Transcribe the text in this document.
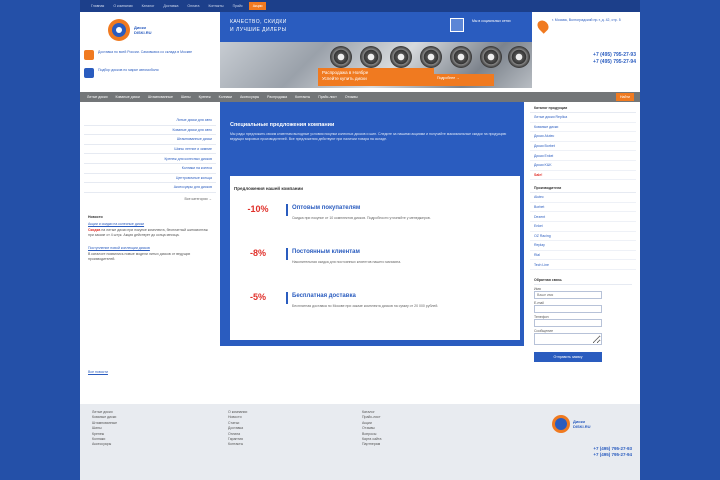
Главная	О компании	Каталог	Доставка	Оплата	Контакты	Прайс	Акции
Диски
DISKI.RU
Доставка по всей России. Самовывоз со склада в Москве
Подбор дисков по марке автомобиля
КАЧЕСТВО, СКИДКИ
И ЛУЧШИЕ ДИЛЕРЫ
Мы в социальных сетях
Распродажа в Ноябре
Успейте купить диски	Подробнее →
г. Москва, Волгоградский пр-т, д. 42, стр. 5
+7 (495) 795-27-93
+7 (495) 795-27-94
Литые диски	Кованые диски	Штампованные	Шины	Крепеж	Колпаки	Аксессуары	Распродажа	Контакты	Прайс-лист	Отзывы	Найти
Литые диски для авто
Кованые диски для авто
Штампованные диски
Шины летние и зимние
Крепеж для колесных дисков
Колпаки на колеса
Центровочные кольца
Аксессуары для дисков
Все категории →
Новости
Акции и скидки на колесные диски
Скидка на литые диски при покупке комплекта, бесплатный шиномонтаж при заказе от 4 штук. Акция действует до конца месяца.
Поступление новой коллекции дисков
В каталоге появились новые модели литых дисков от ведущих производителей.
Все новости
Специальные предложения компании
Мы рады предложить своим клиентам выгодные условия покупки колесных дисков и шин. Следите за нашими акциями и получайте максимальные скидки на продукцию ведущих мировых производителей. Все предложения действуют при наличии товара на складе.
Предложения нашей компании
-10%	Оптовым покупателям
Скидка при покупке от 10 комплектов дисков. Подробности уточняйте у менеджеров.
-8%	Постоянным клиентам
Накопительная скидка для постоянных клиентов нашего магазина.
-5%	Бесплатная доставка
Бесплатная доставка по Москве при заказе комплекта дисков на сумму от 20 000 рублей.
Каталог продукции
Литые диски Replica
Кованые диски
Диски Alutec
Диски Borbet
Диски Enkei
Диски K&K
Sale!
Производители
Alutec
Borbet
Dezent
Enkei
OZ Racing
Replay
Rial
Tech Line
Обратная связь
Имя
Ваше имя
E-mail
Телефон
Сообщение
Отправить заявку
Литые диски
Кованые диски
Штампованные
Шины
Крепеж
Колпаки
Аксессуары
О компании
Новости
Статьи
Доставка
Оплата
Гарантия
Контакты
Каталог
Прайс-лист
Акции
Отзывы
Вопросы
Карта сайта
Партнерам
Диски
DISKI.RU
+7 (495) 795-27-93
+7 (495) 795-27-94
